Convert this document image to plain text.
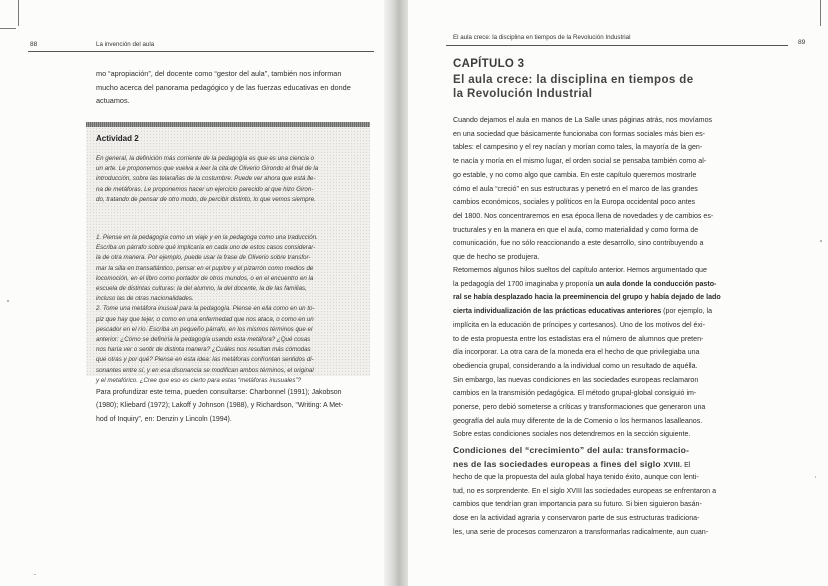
88	La invención del aula

mo “apropiación”, del docente como “gestor del aula”, también nos informan
mucho acerca del panorama pedagógico y de las fuerzas educativas en donde
actuamos.

Actividad 2

En general, la definición más corriente de la pedagogía es que es una ciencia o
un arte. Le proponemos que vuelva a leer la cita de Oliverio Girondo al final de la
introducción, sobre las telarañas de la costumbre. Puede ver ahora que está lle-
na de metáforas. Le proponemos hacer un ejercicio parecido al que hizo Giron-
do, tratando de pensar de otro modo, de percibir distinto, lo que vemos siempre.

1. Piense en la pedagogía como un viaje y en la pedagoga como una traducción.
Escriba un párrafo sobre qué implicaría en cada uno de estos casos considerar-
la de otra manera. Por ejemplo, puede usar la frase de Oliverio sobre transfor-
mar la silla en transatlántico, pensar en el pupitre y el pizarrón como medios de
locomoción, en el libro como portador de otros mundos, o en el encuentro en la
escuela de distintas culturas: la del alumno, la del docente, la de las familias,
incluso las de otras nacionalidades.
2. Tome una metáfora inusual para la pedagogía. Piense en ella como en un to-
piz que hay que tejer, o como en una enfermedad que nos ataca, o como en un
pescador en el río. Escriba un pequeño párrafo, en los mismos términos que el
anterior: ¿Cómo se definiría la pedagogía usando esta metáfora? ¿Qué cosas
nos haría ver o sentir de distinta manera? ¿Cuáles nos resultan más cómodas
que otras y por qué? Piense en esta idea: las metáforas confrontan sentidos di-
sonantes entre sí, y en esa disonancia se modifican ambos términos, el original
y el metafórico. ¿Cree que eso es cierto para estas “metáforas inusuales”?

Para profundizar este tema, pueden consultarse: Charbonnel (1991); Jakobson
(1980); Kliebard (1972); Lakoff y Johnson (1988), y Richardson, “Writing: A Met-
hod of Inquiry”, en: Denzin y Lincoln (1994).

El aula crece: la disciplina en tiempos de la Revolución Industrial
89
CAPÍTULO 3

El aula crece: la disciplina en tiempos de
la Revolución Industrial

Cuando dejamos el aula en manos de La Salle unas páginas atrás, nos movíamos
en una sociedad que básicamente funcionaba con formas sociales más bien es-
tables: el campesino y el rey nacían y morían como tales, la mayoría de la gen-
te nacía y moría en el mismo lugar, el orden social se pensaba también como al-
go estable, y no como algo que cambia. En este capítulo queremos mostrarle
cómo el aula “creció” en sus estructuras y penetró en el marco de las grandes
cambios económicos, sociales y políticos en la Europa occidental poco antes
del 1800. Nos concentraremos en esa época llena de novedades y de cambios es-
tructurales y en la manera en que el aula, como materialidad y como forma de
comunicación, fue no sólo reaccionando a este desarrollo, sino contribuyendo a
que de hecho se produjera.

Retomemos algunos hilos sueltos del capítulo anterior. Hemos argumentado que
la pedagogía del 1700 imaginaba y proponía un aula donde la conducción pasto-
ral se había desplazado hacia la preeminencia del grupo y había dejado de lado
cierta individualización de las prácticas educativas anteriores (por ejemplo, la
implícita en la educación de príncipes y cortesanos). Uno de los motivos del éxi-
to de esta propuesta entre los estadistas era el número de alumnos que preten-
día incorporar. La otra cara de la moneda era el hecho de que privilegiaba una
obediencia grupal, considerando a la individual como un resultado de aquélla.
Sin embargo, las nuevas condiciones en las sociedades europeas reclamaron
cambios en la transmisión pedagógica. El método grupal-global consiguió im-
ponerse, pero debió someterse a críticas y transformaciones que generaron una
geografía del aula muy diferente de la de Comenio o los hermanos lasalleanos.
Sobre estas condiciones sociales nos detendremos en la sección siguiente.

Condiciones del “crecimiento” del aula: transformacio-
nes de las sociedades europeas a fines del siglo XVIII. El

hecho de que la propuesta del aula global haya tenido éxito, aunque con lenti-
tud, no es sorprendente. En el siglo XVIII las sociedades europeas se enfrentaron a
cambios que tendrían gran importancia para su futuro. Si bien siguieron basán-
dose en la actividad agraria y conservaron parte de sus estructuras tradiciona-
les, una serie de procesos comenzaron a transformarlas radicalmente, aun cuan-
